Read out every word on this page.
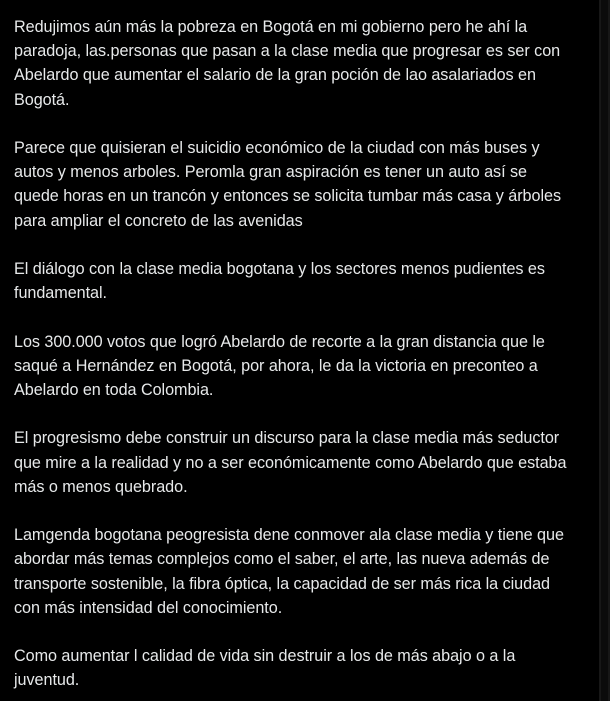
Redujimos aún más la pobreza en Bogotá en mi gobierno pero he ahí la paradoja, las.personas que pasan a la clase media que progresar es ser con Abelardo que aumentar el salario de la gran poción de lao asalariados en Bogotá.

Parece que quisieran el suicidio económico de la ciudad con más buses y autos y menos arboles. Peromla gran aspiración es tener un auto así se quede horas en un trancón y entonces se solicita tumbar más casa y árboles para ampliar el concreto de las avenidas

El diálogo con la clase media bogotana y los sectores menos pudientes es fundamental.

Los 300.000 votos que logró Abelardo de recorte a la gran distancia que le saqué a Hernández en Bogotá, por ahora, le da la victoria en preconteo a Abelardo en toda Colombia.

El progresismo debe construir un discurso para la clase media más seductor que mire a la realidad y no a ser económicamente como Abelardo que estaba más o menos quebrado.

Lamgenda bogotana peogresista dene conmover ala clase media y tiene que abordar más temas complejos como el saber, el arte, las nueva además de transporte sostenible, la fibra óptica, la capacidad de ser más rica la ciudad con más intensidad del conocimiento.

Como aumentar l calidad de vida sin destruir a los de más abajo o a la juventud.
